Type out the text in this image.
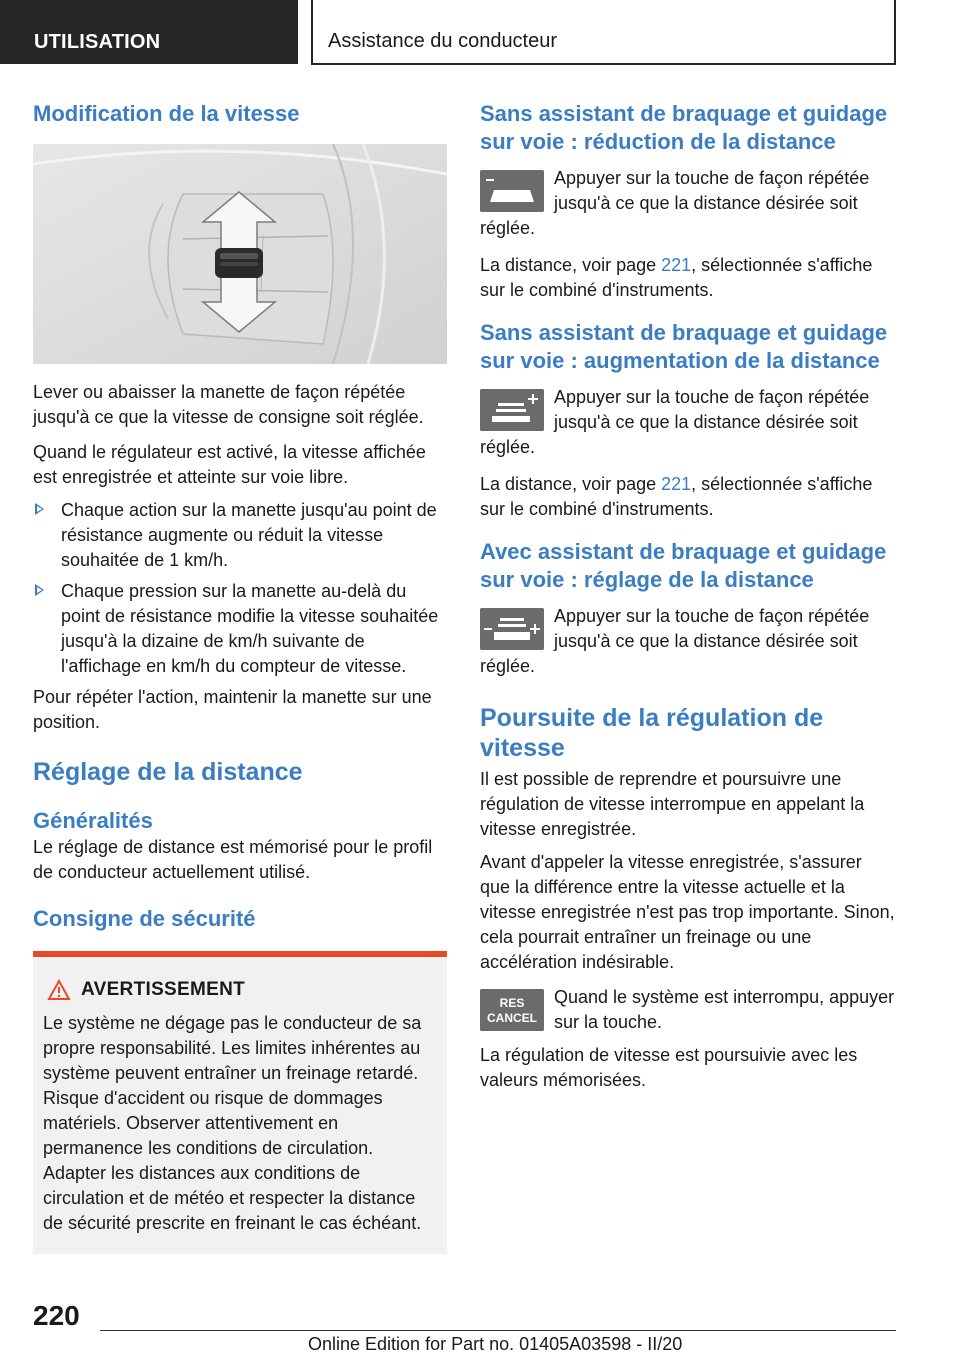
UTILISATION	Assistance du conducteur
Modification de la vitesse

Lever ou abaisser la manette de façon répétée jusqu'à ce que la vitesse de consigne soit réglée.

Quand le régulateur est activé, la vitesse affichée est enregistrée et atteinte sur voie libre.

Chaque action sur la manette jusqu'au point de résistance augmente ou réduit la vitesse souhaitée de 1 km/h.
Chaque pression sur la manette au-delà du point de résistance modifie la vitesse souhaitée jusqu'à la dizaine de km/h suivante de l'affichage en km/h du compteur de vitesse.

Pour répéter l'action, maintenir la manette sur une position.

Réglage de la distance
Généralités

Le réglage de distance est mémorisé pour le profil de conducteur actuellement utilisé.

Consigne de sécurité
AVERTISSEMENT

Le système ne dégage pas le conducteur de sa propre responsabilité. Les limites inhérentes au système peuvent entraîner un freinage retardé. Risque d'accident ou risque de dommages matériels. Observer attentivement en permanence les conditions de circulation. Adapter les distances aux conditions de circulation et de météo et respecter la distance de sécurité prescrite en freinant le cas échéant.

Sans assistant de braquage et guidage sur voie : réduction de la distance
Appuyer sur la touche de façon répétée jusqu'à ce que la distance désirée soit réglée.

La distance, voir page 221, sélectionnée s'affiche sur le combiné d'instruments.

Sans assistant de braquage et guidage sur voie : augmentation de la distance
Appuyer sur la touche de façon répétée jusqu'à ce que la distance désirée soit réglée.

La distance, voir page 221, sélectionnée s'affiche sur le combiné d'instruments.

Avec assistant de braquage et guidage sur voie : réglage de la distance
Appuyer sur la touche de façon répétée jusqu'à ce que la distance désirée soit réglée.
Poursuite de la régulation de vitesse

Il est possible de reprendre et poursuivre une régulation de vitesse interrompue en appelant la vitesse enregistrée.

Avant d'appeler la vitesse enregistrée, s'assurer que la différence entre la vitesse actuelle et la vitesse enregistrée n'est pas trop importante. Sinon, cela pourrait entraîner un freinage ou une accélération indésirable.

RES
CANCEL
Quand le système est interrompu, appuyer sur la touche.

La régulation de vitesse est poursuivie avec les valeurs mémorisées.

220
Online Edition for Part no. 01405A03598 - II/20
